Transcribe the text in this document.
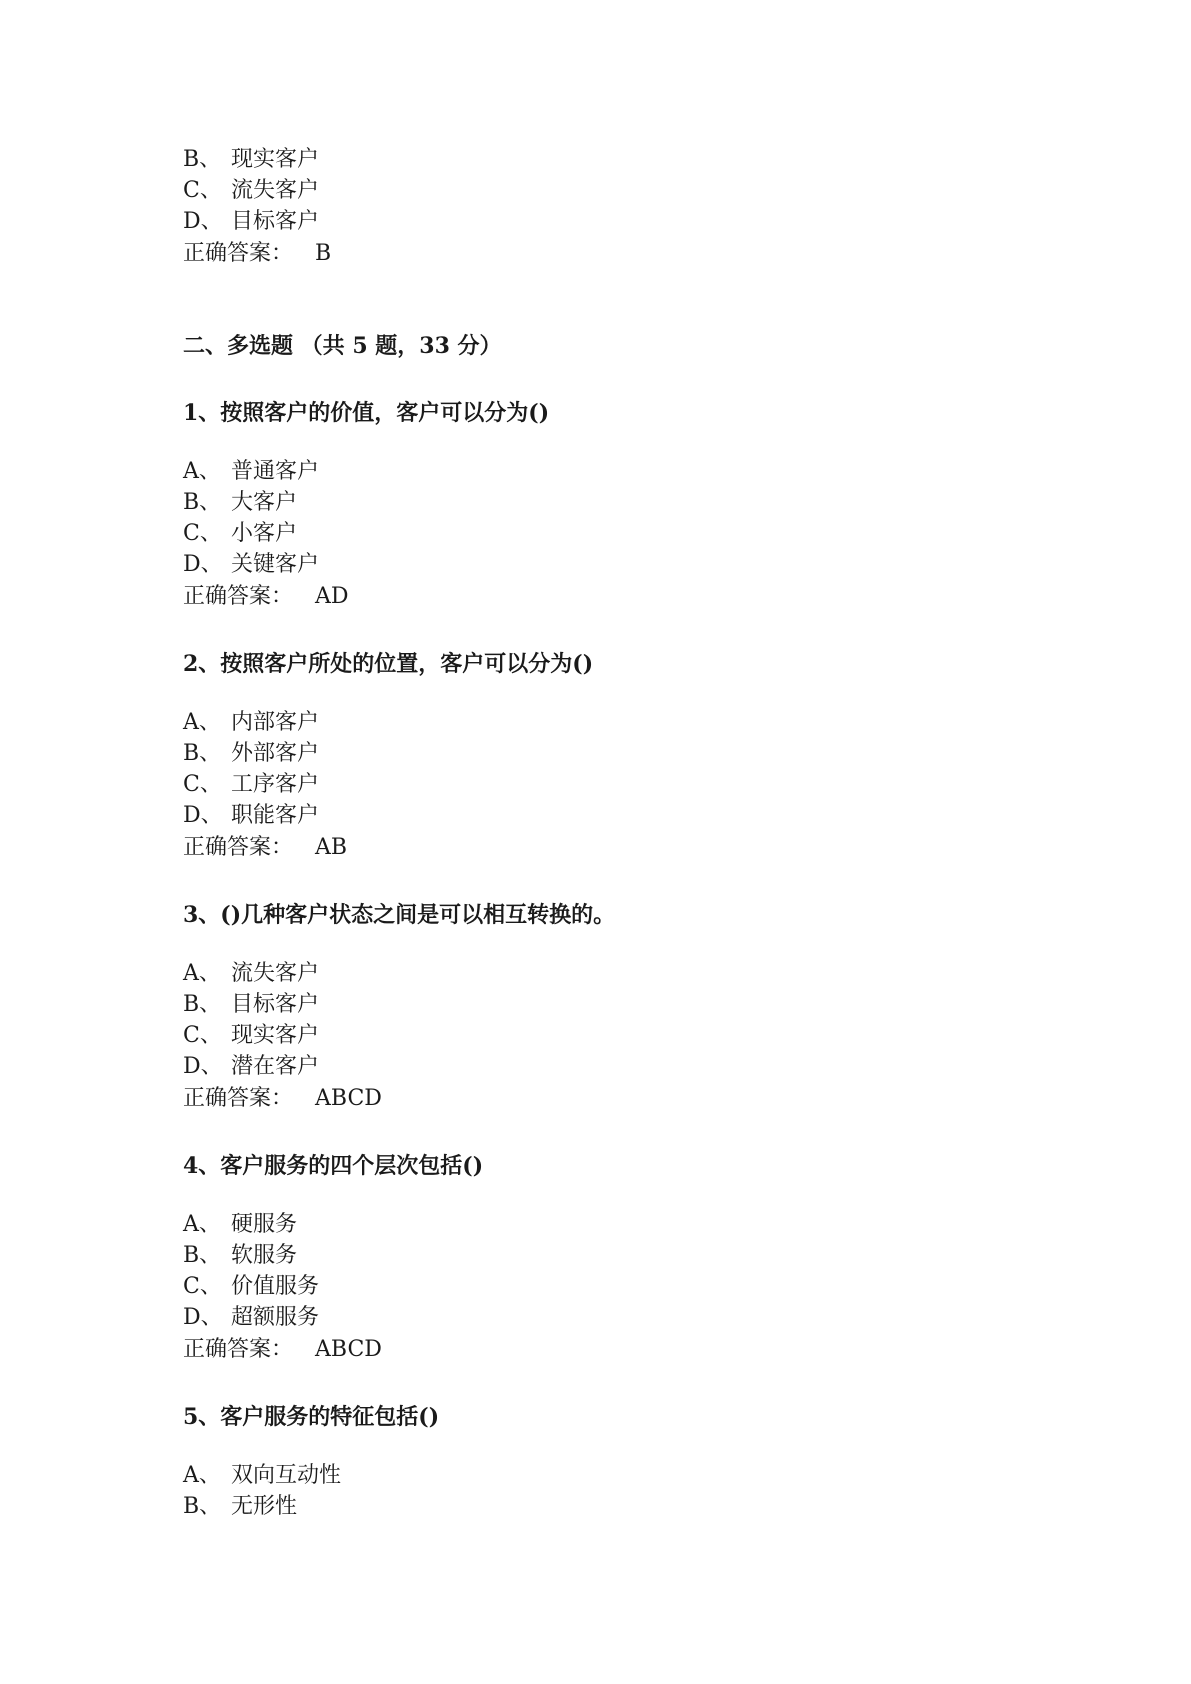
B、 现实客户
C、 流失客户
D、 目标客户
正确答案： B
二、多选题 （共 5 题，33 分）
1、按照客户的价值，客户可以分为()
A、 普通客户
B、 大客户
C、 小客户
D、 关键客户
正确答案： AD
2、按照客户所处的位置，客户可以分为()
A、 内部客户
B、 外部客户
C、 工序客户
D、 职能客户
正确答案： AB
3、()几种客户状态之间是可以相互转换的。
A、 流失客户
B、 目标客户
C、 现实客户
D、 潜在客户
正确答案： ABCD
4、客户服务的四个层次包括()
A、 硬服务
B、 软服务
C、 价值服务
D、 超额服务
正确答案： ABCD
5、客户服务的特征包括()
A、 双向互动性
B、 无形性
